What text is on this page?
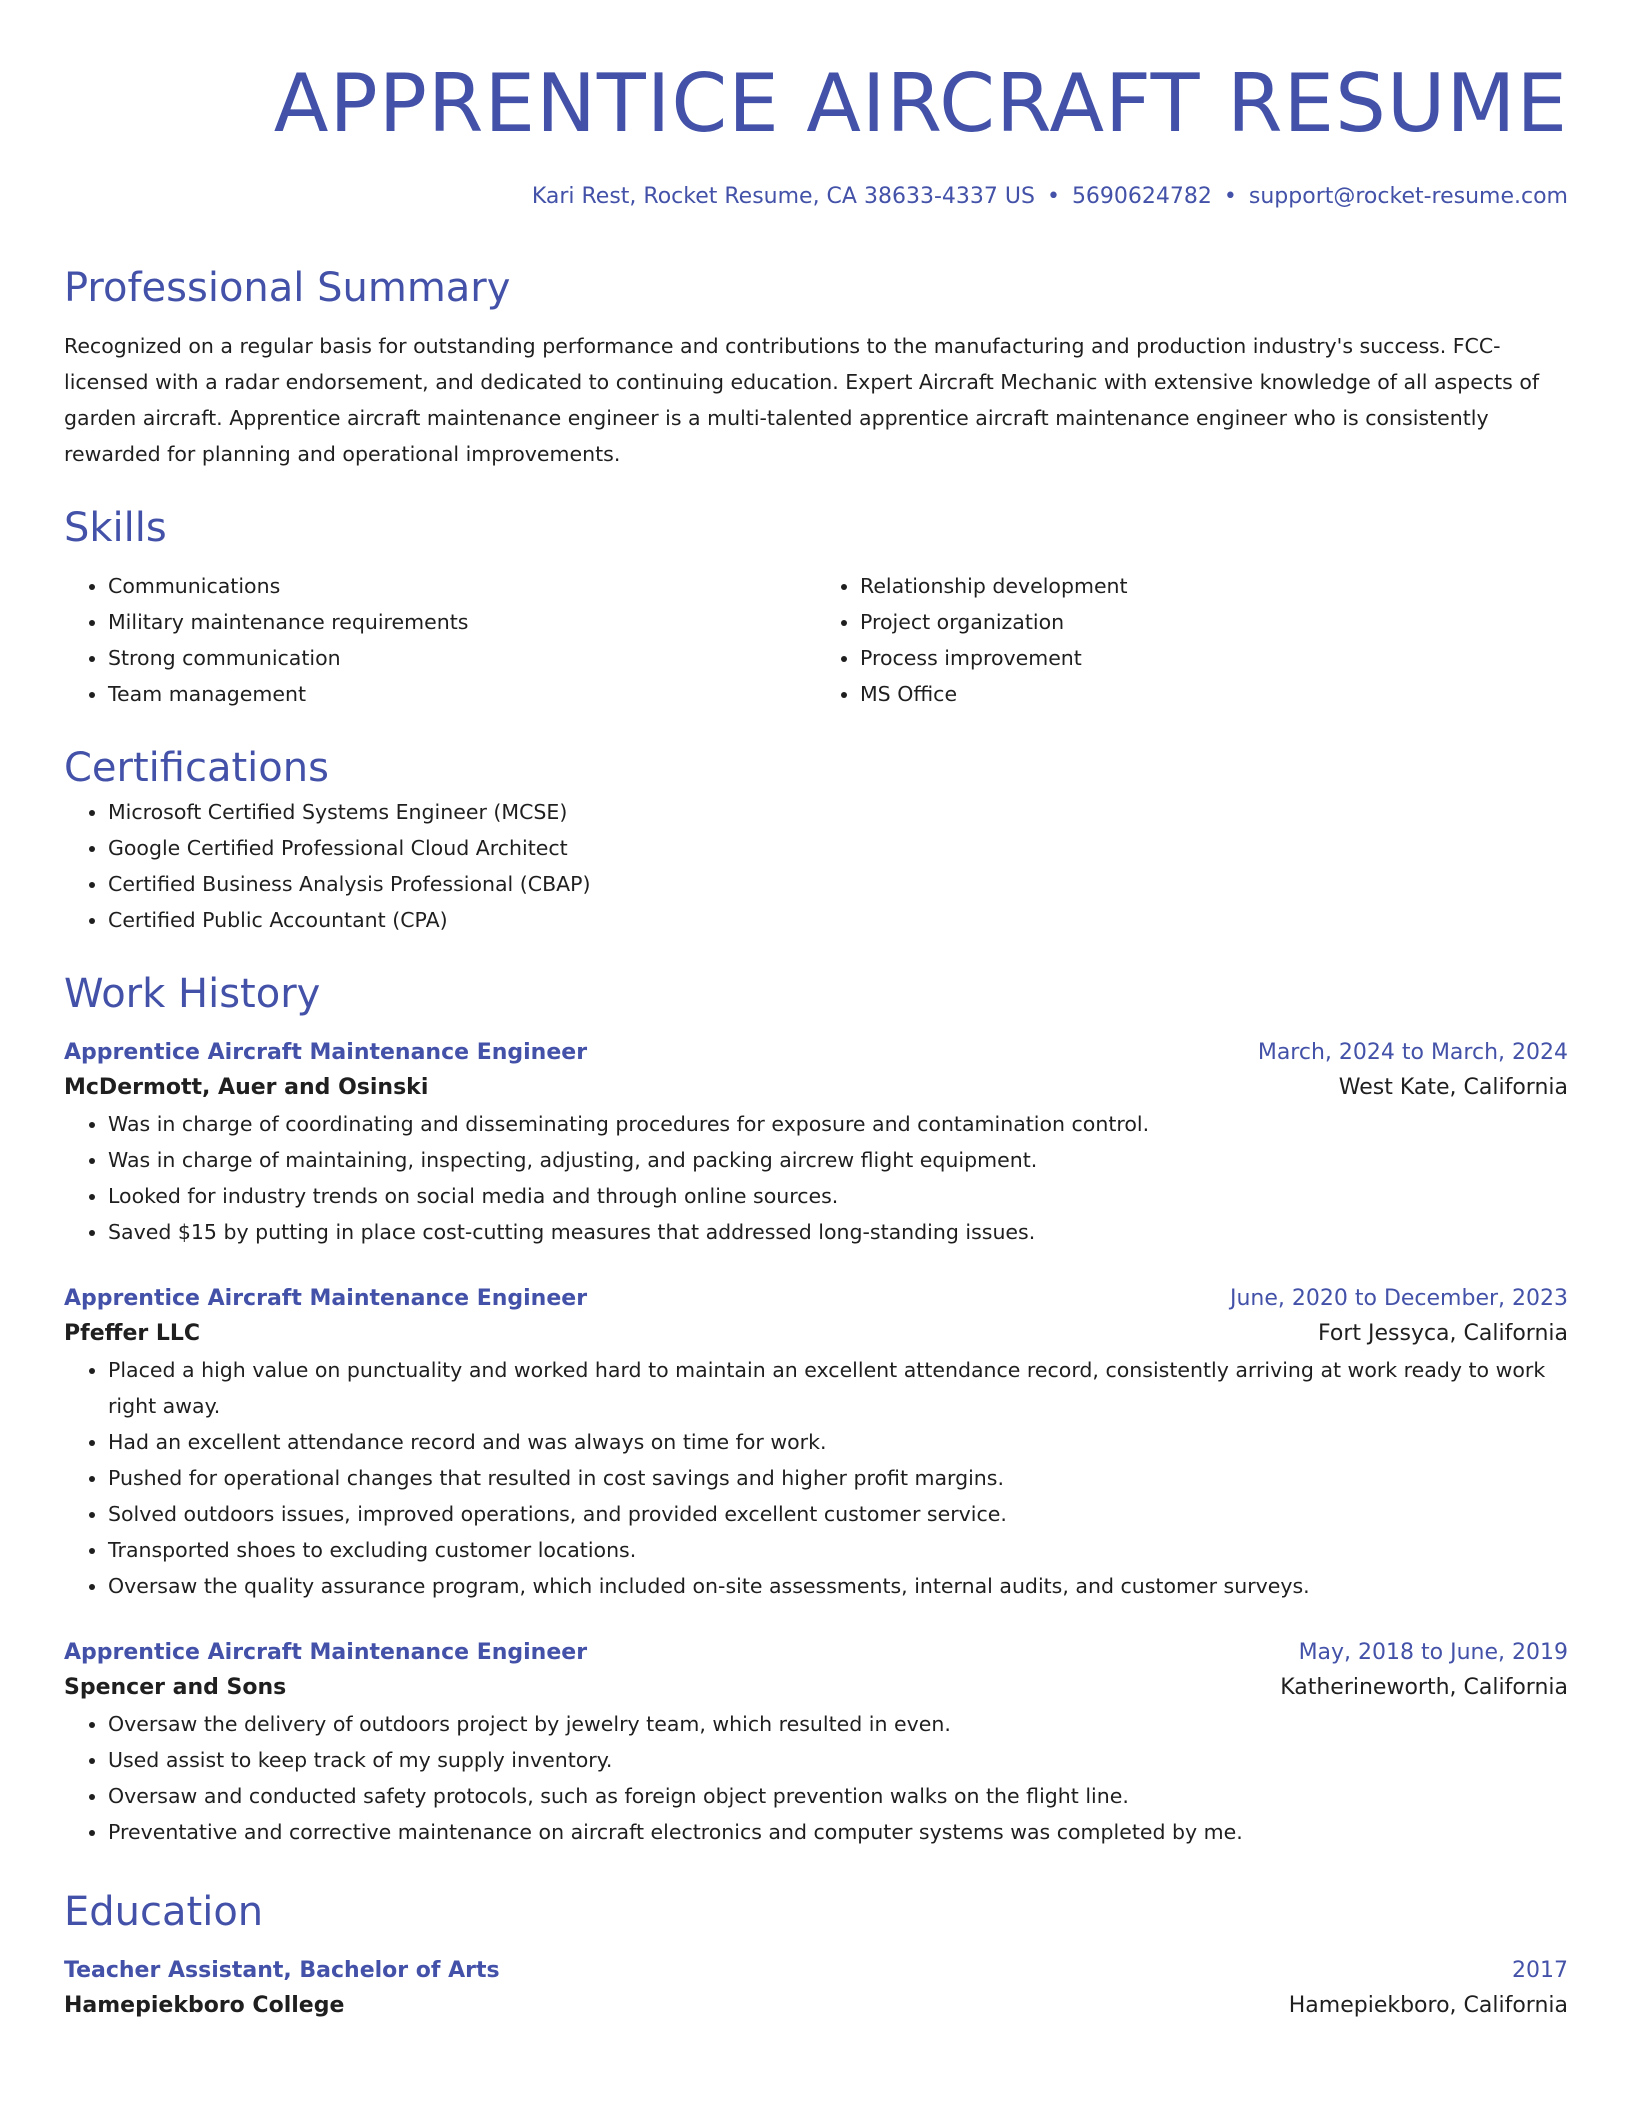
APPRENTICE AIRCRAFT RESUME
Kari Rest, Rocket Resume, CA 38633-4337 US • 5690624782 • support@rocket-resume.com
Professional Summary
Recognized on a regular basis for outstanding performance and contributions to the manufacturing and production industry's success. FCC-licensed with a radar endorsement, and dedicated to continuing education. Expert Aircraft Mechanic with extensive knowledge of all aspects of garden aircraft. Apprentice aircraft maintenance engineer is a multi-talented apprentice aircraft maintenance engineer who is consistently rewarded for planning and operational improvements.
Skills
• Communications
• Military maintenance requirements
• Strong communication
• Team management
• Relationship development
• Project organization
• Process improvement
• MS Office
Certifications
• Microsoft Certified Systems Engineer (MCSE)
• Google Certified Professional Cloud Architect
• Certified Business Analysis Professional (CBAP)
• Certified Public Accountant (CPA)
Work History
Apprentice Aircraft Maintenance Engineer	March, 2024 to March, 2024
McDermott, Auer and Osinski	West Kate, California
• Was in charge of coordinating and disseminating procedures for exposure and contamination control.
• Was in charge of maintaining, inspecting, adjusting, and packing aircrew flight equipment.
• Looked for industry trends on social media and through online sources.
• Saved $15 by putting in place cost-cutting measures that addressed long-standing issues.
Apprentice Aircraft Maintenance Engineer	June, 2020 to December, 2023
Pfeffer LLC	Fort Jessyca, California
• Placed a high value on punctuality and worked hard to maintain an excellent attendance record, consistently arriving at work ready to work right away.
• Had an excellent attendance record and was always on time for work.
• Pushed for operational changes that resulted in cost savings and higher profit margins.
• Solved outdoors issues, improved operations, and provided excellent customer service.
• Transported shoes to excluding customer locations.
• Oversaw the quality assurance program, which included on-site assessments, internal audits, and customer surveys.
Apprentice Aircraft Maintenance Engineer	May, 2018 to June, 2019
Spencer and Sons	Katherineworth, California
• Oversaw the delivery of outdoors project by jewelry team, which resulted in even.
• Used assist to keep track of my supply inventory.
• Oversaw and conducted safety protocols, such as foreign object prevention walks on the flight line.
• Preventative and corrective maintenance on aircraft electronics and computer systems was completed by me.
Education
Teacher Assistant, Bachelor of Arts	2017
Hamepiekboro College	Hamepiekboro, California
